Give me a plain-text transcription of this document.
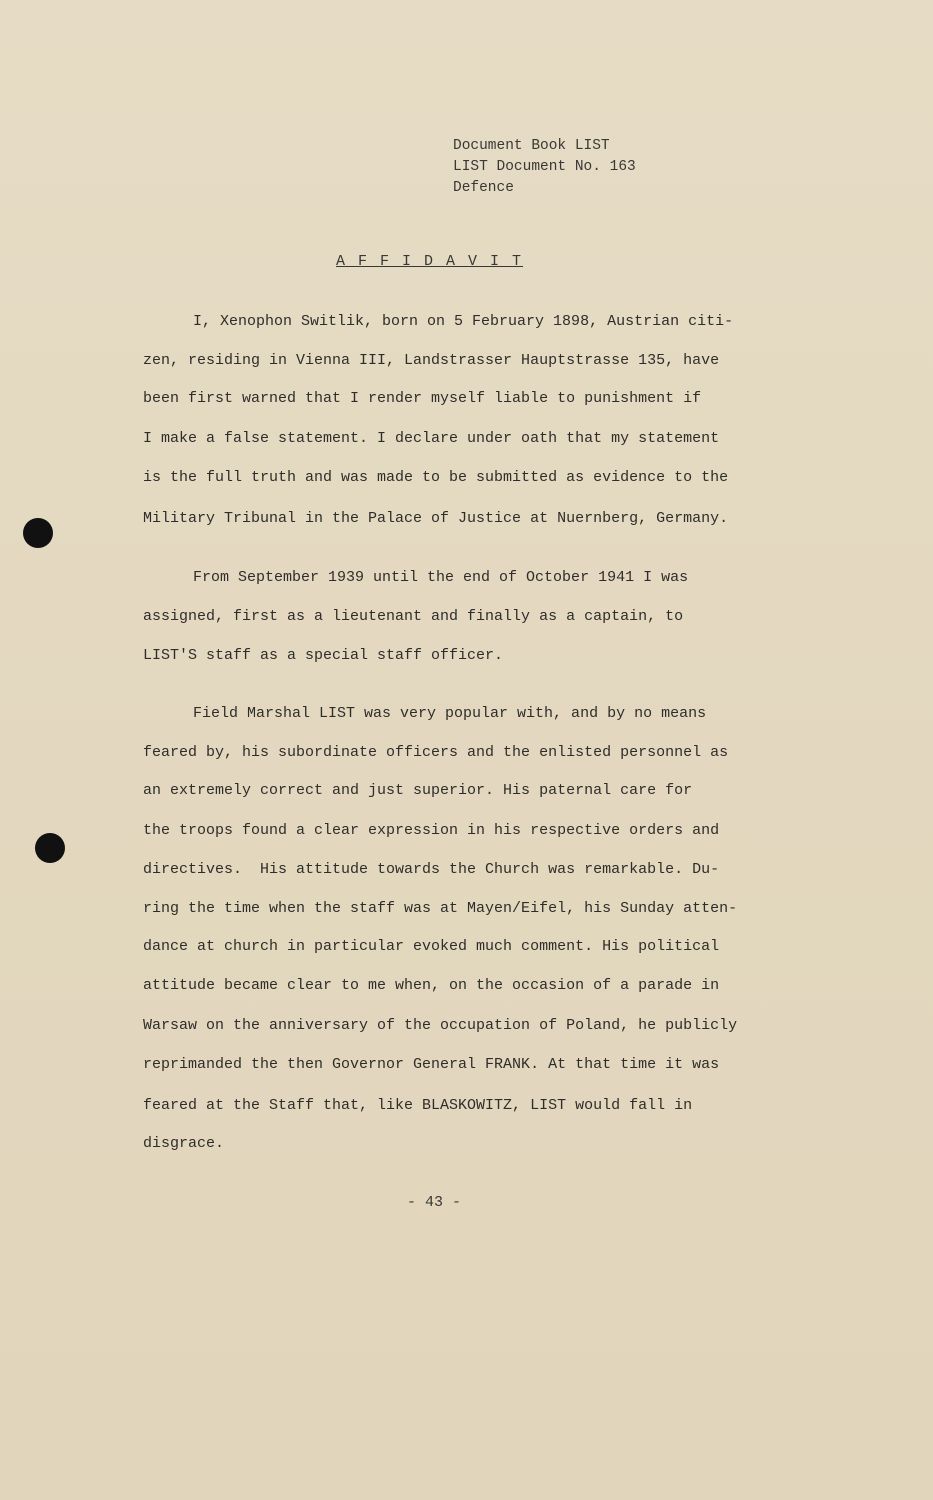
Document Book LIST
LIST Document No. 163
Defence
A F F I D A V I T
I, Xenophon Switlik, born on 5 February 1898, Austrian citi-
zen, residing in Vienna III, Landstrasser Hauptstrasse 135, have
been first warned that I render myself liable to punishment if
I make a false statement. I declare under oath that my statement
is the full truth and was made to be submitted as evidence to the
Military Tribunal in the Palace of Justice at Nuernberg, Germany.
From September 1939 until the end of October 1941 I was
assigned, first as a lieutenant and finally as a captain, to
LIST'S staff as a special staff officer.
Field Marshal LIST was very popular with, and by no means
feared by, his subordinate officers and the enlisted personnel as
an extremely correct and just superior. His paternal care for
the troops found a clear expression in his respective orders and
directives.  His attitude towards the Church was remarkable. Du-
ring the time when the staff was at Mayen/Eifel, his Sunday atten-
dance at church in particular evoked much comment. His political
attitude became clear to me when, on the occasion of a parade in
Warsaw on the anniversary of the occupation of Poland, he publicly
reprimanded the then Governor General FRANK. At that time it was
feared at the Staff that, like BLASKOWITZ, LIST would fall in
disgrace.
- 43 -
